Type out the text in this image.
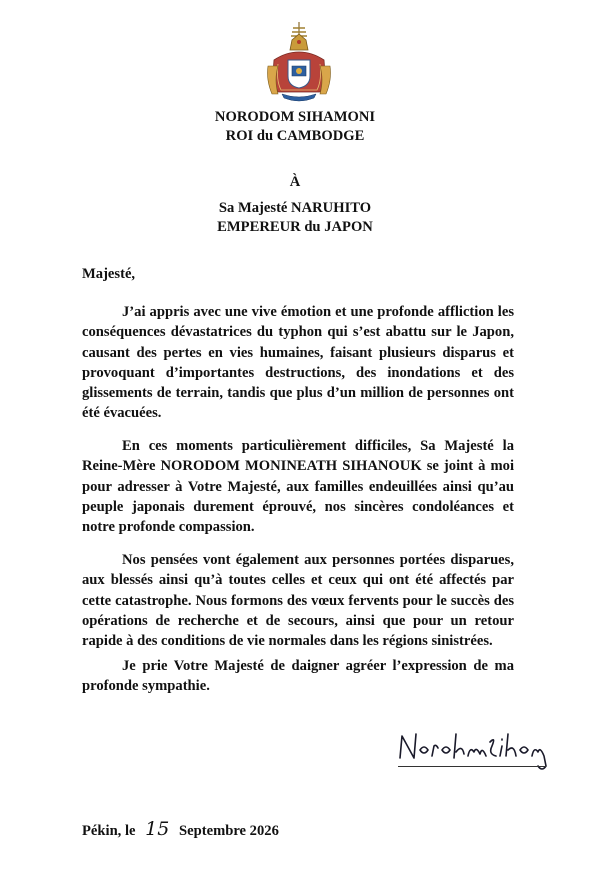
NORODOM SIHAMONI
ROI du CAMBODGE
À
Sa Majesté NARUHITO
EMPEREUR du JAPON
Majesté,

J’ai appris avec une vive émotion et une profonde affliction les conséquences dévastatrices du typhon qui s’est abattu sur le Japon, causant des pertes en vies humaines, faisant plusieurs disparus et provoquant d’importantes destructions, des inondations et des glissements de terrain, tandis que plus d’un million de personnes ont été évacuées.

En ces moments particulièrement difficiles, Sa Majesté la Reine-Mère NORODOM MONINEATH SIHANOUK se joint à moi pour adresser à Votre Majesté, aux familles endeuillées ainsi qu’au peuple japonais durement éprouvé, nos sincères condoléances et notre profonde compassion.

Nos pensées vont également aux personnes portées disparues, aux blessés ainsi qu’à toutes celles et ceux qui ont été affectés par cette catastrophe. Nous formons des vœux fervents pour le succès des opérations de recherche et de secours, ainsi que pour un retour rapide à des conditions de vie normales dans les régions sinistrées.

Je prie Votre Majesté de daigner agréer l’expression de ma profonde sympathie.

Pékin, le 15 Septembre 2026
